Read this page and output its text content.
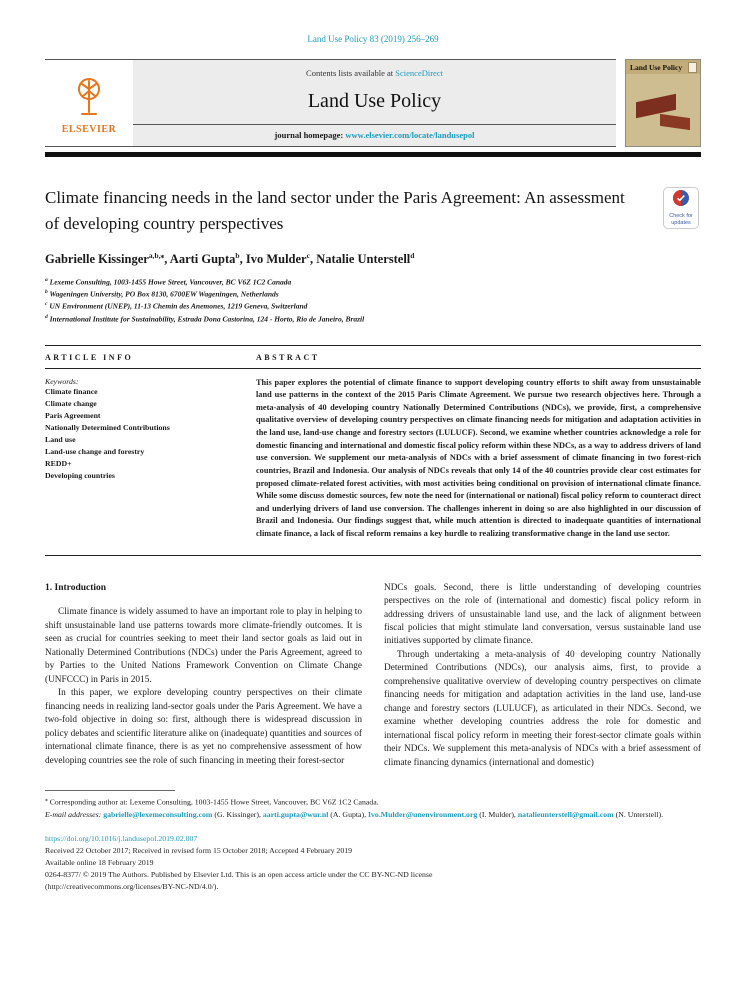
Land Use Policy 83 (2019) 256–269
ELSEVIER
Contents lists available at ScienceDirect
Land Use Policy
journal homepage: www.elsevier.com/locate/landusepol
Land Use Policy
Climate financing needs in the land sector under the Paris Agreement: An assessment of developing country perspectives	Check for
updates
Gabrielle Kissinger$^{a,b,⁎}$, Aarti Gupta$^b$, Ivo Mulder$^c$, Natalie Unterstell$^d$
$^a$ Lexeme Consulting, 1003-1455 Howe Street, Vancouver, BC V6Z 1C2 Canada
$^b$ Wageningen University, PO Box 8130, 6700EW Wageningen, Netherlands
$^c$ UN Environment (UNEP), 11-13 Chemin des Anemones, 1219 Geneva, Switzerland
$^d$ International Institute for Sustainability, Estrada Dona Castorina, 124 - Horto, Rio de Janeiro, Brazil
ARTICLE INFO	ABSTRACT
Keywords:
Climate finance
Climate change
Paris Agreement
Nationally Determined Contributions
Land use
Land-use change and forestry
REDD+
Developing countries
This paper explores the potential of climate finance to support developing country efforts to shift away from unsustainable land use patterns in the context of the 2015 Paris Climate Agreement. We pursue two research objectives here. Through a meta-analysis of 40 developing country Nationally Determined Contributions (NDCs), we provide, first, a comprehensive qualitative overview of developing country perspectives on climate financing needs for mitigation and adaptation activities in the land use, land-use change and forestry sectors (LULUCF). Second, we examine whether countries acknowledge a role for domestic financing and international and domestic fiscal policy reform within these NDCs, as a way to address drivers of land use conversion. We supplement our meta-analysis of NDCs with a brief assessment of climate financing in two forest-rich countries, Brazil and Indonesia. Our analysis of NDCs reveals that only 14 of the 40 countries provide clear cost estimates for proposed climate-related forest activities, with most activities being conditional on provision of international climate finance. While some discuss domestic sources, few note the need for (international or national) fiscal policy reform to counteract direct and underlying drivers of land use conversion. The challenges inherent in doing so are also highlighted in our discussion of Brazil and Indonesia. Our findings suggest that, while much attention is directed to inadequate quantities of international climate finance, a lack of fiscal reform remains a key hurdle to realizing transformative change in the land use sector.
1. Introduction

Climate finance is widely assumed to have an important role to play in helping to shift unsustainable land use patterns towards more climate-friendly outcomes. It is seen as crucial for countries seeking to meet their land sector goals as laid out in Nationally Determined Contributions (NDCs) under the Paris Agreement, agreed to by Parties to the United Nations Framework Convention on Climate Change (UNFCCC) in Paris in 2015.

In this paper, we explore developing country perspectives on their climate financing needs in realizing land-sector goals under the Paris Agreement. We have a two-fold objective in doing so: first, although there is widespread discussion in policy debates and scientific literature alike on (inadequate) quantities and sources of international climate finance, there is as yet no comprehensive assessment of how developing countries see the role of such financing in meeting their forest-sector

NDCs goals. Second, there is little understanding of developing countries perspectives on the role of (international and domestic) fiscal policy reform in addressing drivers of unsustainable land use, and the lack of alignment between fiscal policies that might stimulate land conversation, versus sustainable land use initiatives supported by climate finance.

Through undertaking a meta-analysis of 40 developing country Nationally Determined Contributions (NDCs), our analysis aims, first, to provide a comprehensive qualitative overview of developing country perspectives on climate financing needs for mitigation and adaptation activities in the land use, land-use change and forestry sectors (LULUCF), as articulated in their NDCs. Second, we examine whether developing countries address the role for domestic and international fiscal policy reform in meeting their forest-sector climate goals within their NDCs. We supplement this meta-analysis of NDCs with a brief assessment of climate financing dynamics (international and domestic)

⁎ Corresponding author at: Lexeme Consulting, 1003-1455 Howe Street, Vancouver, BC V6Z 1C2 Canada.

E-mail addresses: gabrielle@lexemeconsulting.com (G. Kissinger), aarti.gupta@wur.nl (A. Gupta), Ivo.Mulder@unenvironment.org (I. Mulder), natalieunterstell@gmail.com (N. Unterstell).

https://doi.org/10.1016/j.landusepol.2019.02.007
Received 22 October 2017; Received in revised form 15 October 2018; Accepted 4 February 2019
Available online 18 February 2019
0264-8377/ © 2019 The Authors. Published by Elsevier Ltd. This is an open access article under the CC BY-NC-ND license
(http://creativecommons.org/licenses/BY-NC-ND/4.0/).
